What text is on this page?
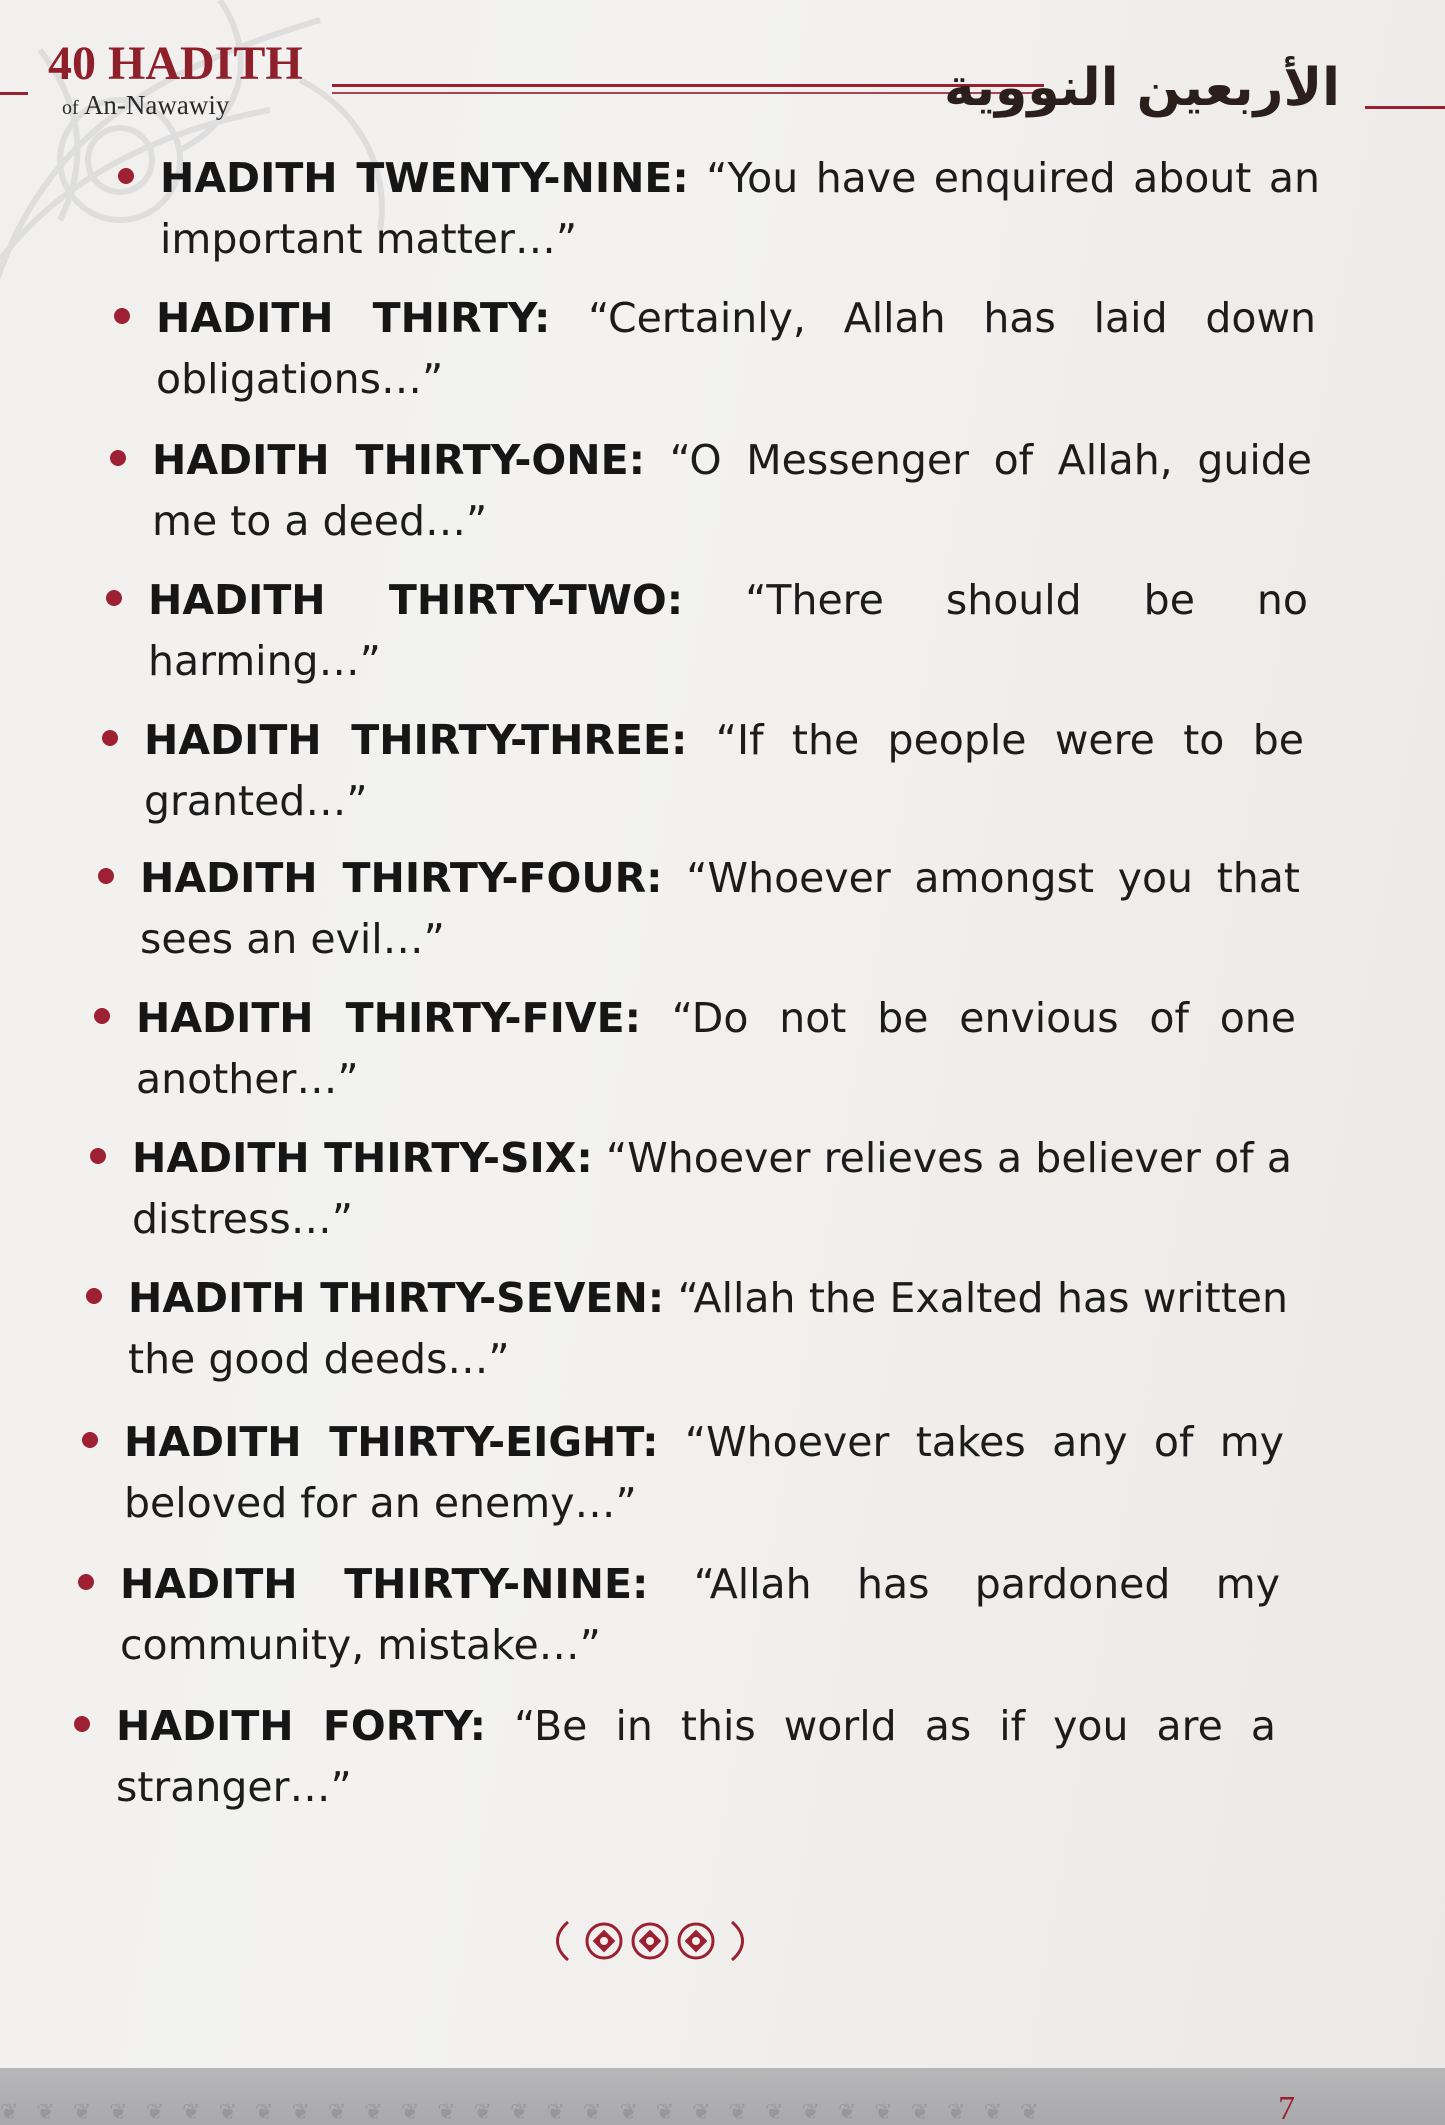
40 HADITH
of An-Nawawiy	الأربعين النووية
HADITH TWENTY-NINE: “You have enquired about an important matter…”
HADITH THIRTY: “Certainly, Allah has laid down obligations…”
HADITH THIRTY-ONE: “O Messenger of Allah, guide me to a deed…”
HADITH THIRTY-TWO: “There should be no harming…”
HADITH THIRTY-THREE: “If the people were to be granted…”
HADITH THIRTY-FOUR: “Whoever amongst you that sees an evil…”
HADITH THIRTY-FIVE: “Do not be envious of one another…”
HADITH THIRTY-SIX: “Whoever relieves a believer of a distress…”
HADITH THIRTY-SEVEN: “Allah the Exalted has written the good deeds…”
HADITH THIRTY-EIGHT: “Whoever takes any of my beloved for an enemy…”
HADITH THIRTY-NINE: “Allah has pardoned my community, mistake…”
HADITH FORTY: “Be in this world as if you are a stranger…”
❦❦❦❦❦❦❦❦❦❦❦❦❦❦❦❦❦❦❦❦❦❦❦❦❦❦❦❦❦	7
